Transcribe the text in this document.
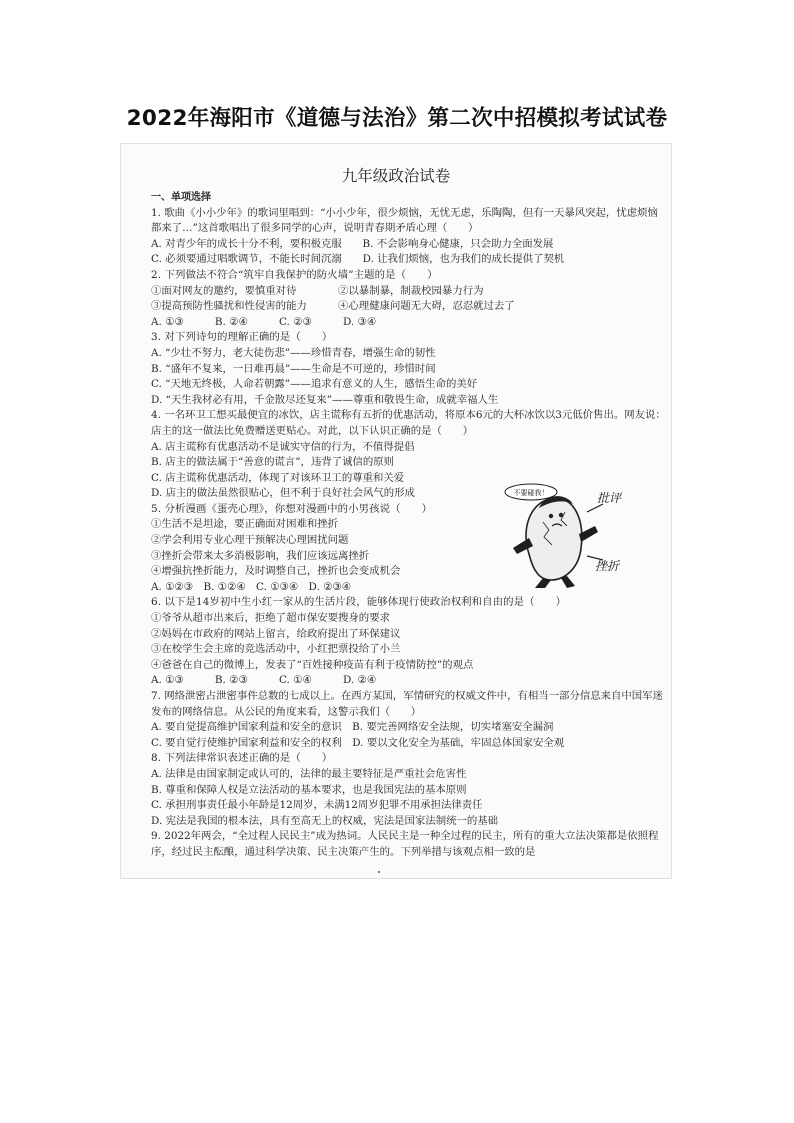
2022年海阳市《道德与法治》第二次中招模拟考试试卷
九年级政治试卷
一、单项选择
1. 歌曲《小小少年》的歌词里唱到：“小小少年，很少烦恼，无忧无虑，乐陶陶，但有一天暴风突起，忧虑烦恼都来了…”这首歌唱出了很多同学的心声，说明青春期矛盾心理（　　）
A. 对青少年的成长十分不利，要积极克服　　B. 不会影响身心健康，只会助力全面发展
C. 必须要通过唱歌调节，不能长时间沉溺　　D. 让我们烦恼，也为我们的成长提供了契机
2. 下列做法不符合“筑牢自我保护的防火墙”主题的是（　　）
①面对网友的邀约，要慎重对待　　　　②以暴制暴，制裁校园暴力行为
③提高预防性骚扰和性侵害的能力　　　④心理健康问题无大碍，忍忍就过去了
A. ①③　　　B. ②④　　　C. ②③　　　D. ③④
3. 对下列诗句的理解正确的是（　　）
A. “少壮不努力，老大徒伤悲”——珍惜青春，增强生命的韧性
B. “盛年不复来，一日难再晨”——生命是不可逆的，珍惜时间
C. “天地无终极，人命若朝露”——追求有意义的人生，感悟生命的美好
D. “天生我材必有用，千金散尽还复来”——尊重和敬畏生命，成就幸福人生
4. 一名环卫工想买最便宜的冰饮，店主谎称有五折的优惠活动，将原本6元的大杯冰饮以3元低价售出。网友说：店主的这一做法比免费赠送更贴心。对此，以下认识正确的是（　　）
A. 店主谎称有优惠活动不是诚实守信的行为，不值得提倡
B. 店主的做法属于“善意的谎言”，违背了诚信的原则
C. 店主谎称优惠活动，体现了对该环卫工的尊重和关爱
D. 店主的做法虽然很贴心，但不利于良好社会风气的形成
5. 分析漫画《蛋壳心理》，你想对漫画中的小男孩说（　　）
①生活不是坦途，要正确面对困难和挫折
②学会利用专业心理干预解决心理困扰问题
③挫折会带来太多消极影响，我们应该远离挫折
④增强抗挫折能力，及时调整自己，挫折也会变成机会
A. ①②③　B. ①②④　C. ①③④　D. ②③④
6. 以下是14岁初中生小红一家从的生活片段，能够体现行使政治权利和自由的是（　　）
①爷爷从超市出来后，拒绝了超市保安要搜身的要求
②妈妈在市政府的网站上留言，给政府提出了环保建议
③在校学生会主席的竞选活动中，小红把票投给了小兰
④爸爸在自己的微博上，发表了“百姓接种疫苗有利于疫情防控”的观点
A. ①③　　　B. ②③　　　C. ①④　　　D. ②④
7. 网络泄密占泄密事件总数的七成以上。在西方某国，军情研究的权威文件中，有相当一部分信息来自中国军迷发布的网络信息。从公民的角度来看，这警示我们（　　）
A. 要自觉提高维护国家利益和安全的意识　B. 要完善网络安全法规，切实堵塞安全漏洞
C. 要自觉行使维护国家利益和安全的权利　D. 要以文化安全为基础，牢固总体国家安全观
8. 下列法律常识表述正确的是（　　）
A. 法律是由国家制定或认可的，法律的最主要特征是严重社会危害性
B. 尊重和保障人权是立法活动的基本要求，也是我国宪法的基本原则
C. 承担刑事责任最小年龄是12周岁，未满12周岁犯罪不用承担法律责任
D. 宪法是我国的根本法，具有至高无上的权威，宪法是国家法制统一的基础
9. 2022年两会，“全过程人民民主”成为热词。人民民主是一种全过程的民主，所有的重大立法决策都是依照程序，经过民主酝酿，通过科学决策、民主决策产生的。下列举措与该观点相一致的是
不要碰我！	批评
挫折
